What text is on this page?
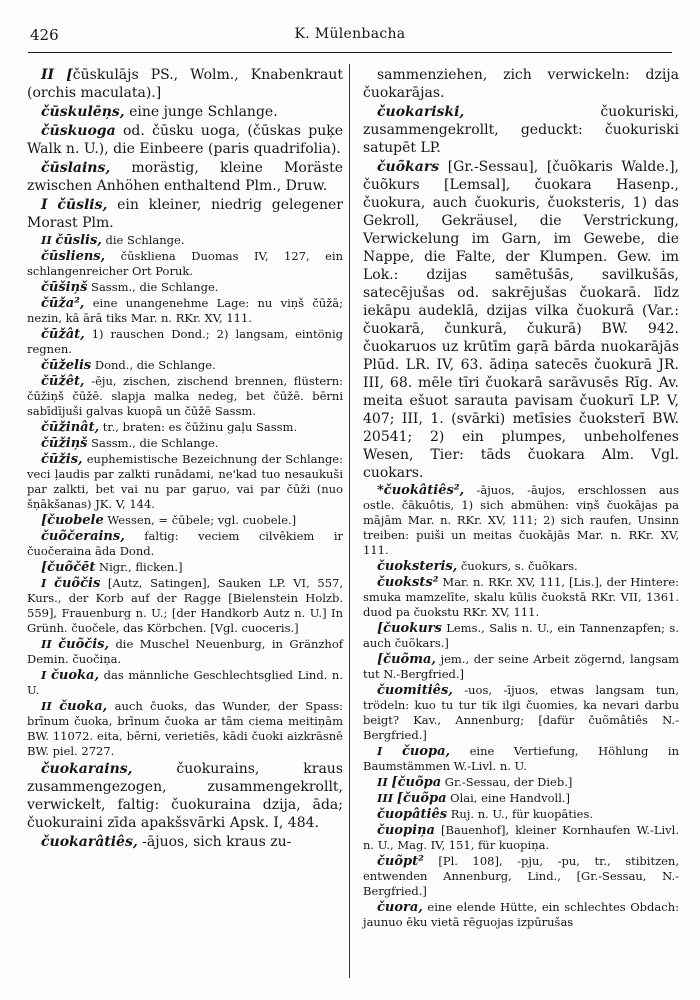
426	K. Mülenbacha

II [čūskulājs PS., Wolm., Knabenkraut (orchis maculata).]

čūskulēņs, eine junge Schlange.

čūskuoga od. čūsku uoga, (čūskas puķe Walk n. U.), die Einbeere (paris quadrifolia).

čūslains, morästig, kleine Moräste zwischen Anhöhen enthaltend Plm., Druw.

I čūslis, ein kleiner, niedrig gelegener Morast Plm.

II čūslis, die Schlange.

čūsliens, čūskliena Duomas IV, 127, ein schlangenreicher Ort Poruk.

čūšiņš Sassm., die Schlange.

čūža², eine unangenehme Lage: nu viņš čūžā; nezin, kā ārā tiks Mar. n. RKr. XV, 111.

čūžât, 1) rauschen Dond.; 2) langsam, eintönig regnen.

čūželis Dond., die Schlange.

čūžêt, -ēju, zischen, zischend brennen, flüstern: čūžiņš čūžē. slapja malka nedeg, bet čūžē. bērni sabīdījuši galvas kuopā un čūžē Sassm.

čūžinât, tr., braten: es čūžinu gaļu Sassm.

čūžiņš Sassm., die Schlange.

čūžis, euphemistische Bezeichnung der Schlange: veci ļaudis par zalkti runādami, ne'kad tuo nesaukuši par zalkti, bet vai nu par gaŗuo, vai par čūži (nuo šņākšanas) JK. V, 144.

[čuobele Wessen, = čūbele; vgl. cuobele.]

čuõčerains, faltig: veciem cilvēkiem ir čuočeraina āda Dond.

[čuõčēt Nigr., flicken.]

I čuõčis [Autz, Satingen], Sauken LP. VI, 557, Kurs., der Korb auf der Ragge [Bielenstein Holzb. 559], Frauenburg n. U.; [der Handkorb Autz n. U.] In Grünh. čuočele, das Körbchen. [Vgl. cuoceris.]

II čuõčis, die Muschel Neuenburg, in Gränzhof Demin. čuočiņa.

I čuoka, das männliche Geschlechtsglied Lind. n. U.

II čuoka, auch čuoks, das Wunder, der Spass: brīnum čuoka, brīnum čuoka ar tām ciema meitiņām BW. 11072. eita, bērni, verietiēs, kādi čuoki aizkrāsnē BW. piel. 2727.

čuokarains, čuokurains, kraus zusammengezogen, zusammengekrollt, verwickelt, faltig: čuokuraina dzija, āda; čuokuraini zīda apakšsvārki Apsk. I, 484.

čuokarâtiês, -ājuos, sich kraus zu-

sammenziehen, zich verwickeln: dzija čuokarājas.

čuokariski, čuokuriski, zusammengekrollt, geduckt: čuokuriski satupēt LP.

čuõkars [Gr.-Sessau], [čuõkaris Walde.], čuõkurs [Lemsal], čuokara Hasenp., čuokura, auch čuokuris, čuoksteris, 1) das Gekroll, Gekräusel, die Verstrickung, Verwickelung im Garn, im Gewebe, die Nappe, die Falte, der Klumpen. Gew. im Lok.: dzijas samētušās, savilkušās, satecējušas od. sakrējušas čuokarā. līdz iekāpu audeklā, dzijas vilka čuokurā (Var.: čuokarā, čunkurā, čukurā) BW. 942. čuokaruos uz krūtīm gaŗā bārda nuokarājās Plūd. LR. IV, 63. ādiņa satecēs čuokurā JR. III, 68. mēle tīri čuokarā sarāvusēs Rīg. Av. meita ešuot sarauta pavisam čuokurī LP. V, 407; III, 1. (svārki) metīsies čuoksterī BW. 20541; 2) ein plumpes, unbeholfenes Wesen, Tier: tāds čuokara Alm. Vgl. cuokars.

*čuokâtiês², -ājuos, -āujos, erschlossen aus ostle. čākuôtis, 1) sich abmühen: viņš čuokājas pa mājām Mar. n. RKr. XV, 111; 2) sich raufen, Unsinn treiben: puiši un meitas čuokājās Mar. n. RKr. XV, 111.

čuoksteris, čuokurs, s. čuõkars.

čuoksts² Mar. n. RKr. XV, 111, [Lis.], der Hintere: smuka mamzelīte, skalu kūlis čuokstā RKr. VII, 1361. duod pa čuokstu RKr. XV, 111.

[čuokurs Lems., Salis n. U., ein Tannenzapfen; s. auch čuõkars.]

[čuõma, jem., der seine Arbeit zögernd, langsam tut N.-Bergfried.]

čuomitiês, -uos, -ījuos, etwas langsam tun, trödeln: kuo tu tur tik ilgi čuomies, ka nevari darbu beigt? Kav., Annenburg; [dafür čuõmâtiês N.-Bergfried.]

I čuopa, eine Vertiefung, Höhlung in Baumstämmen W.-Livl. n. U.

II [čuõpa Gr.-Sessau, der Dieb.]

III [čuõpa Olai, eine Handvoll.]

čuopâtiês Ruj. n. U., für kuopāties.

čuopiņa [Bauenhof], kleiner Kornhaufen W.-Livl. n. U., Mag. IV, 151, für kuopiņa.

čuõpt² [Pl. 108], -pju, -pu, tr., stibitzen, entwenden Annenburg, Lind., [Gr.-Sessau, N.-Bergfried.]

čuora, eine elende Hütte, ein schlechtes Obdach: jaunuo ēku vietā rēguojas izpūrušas
